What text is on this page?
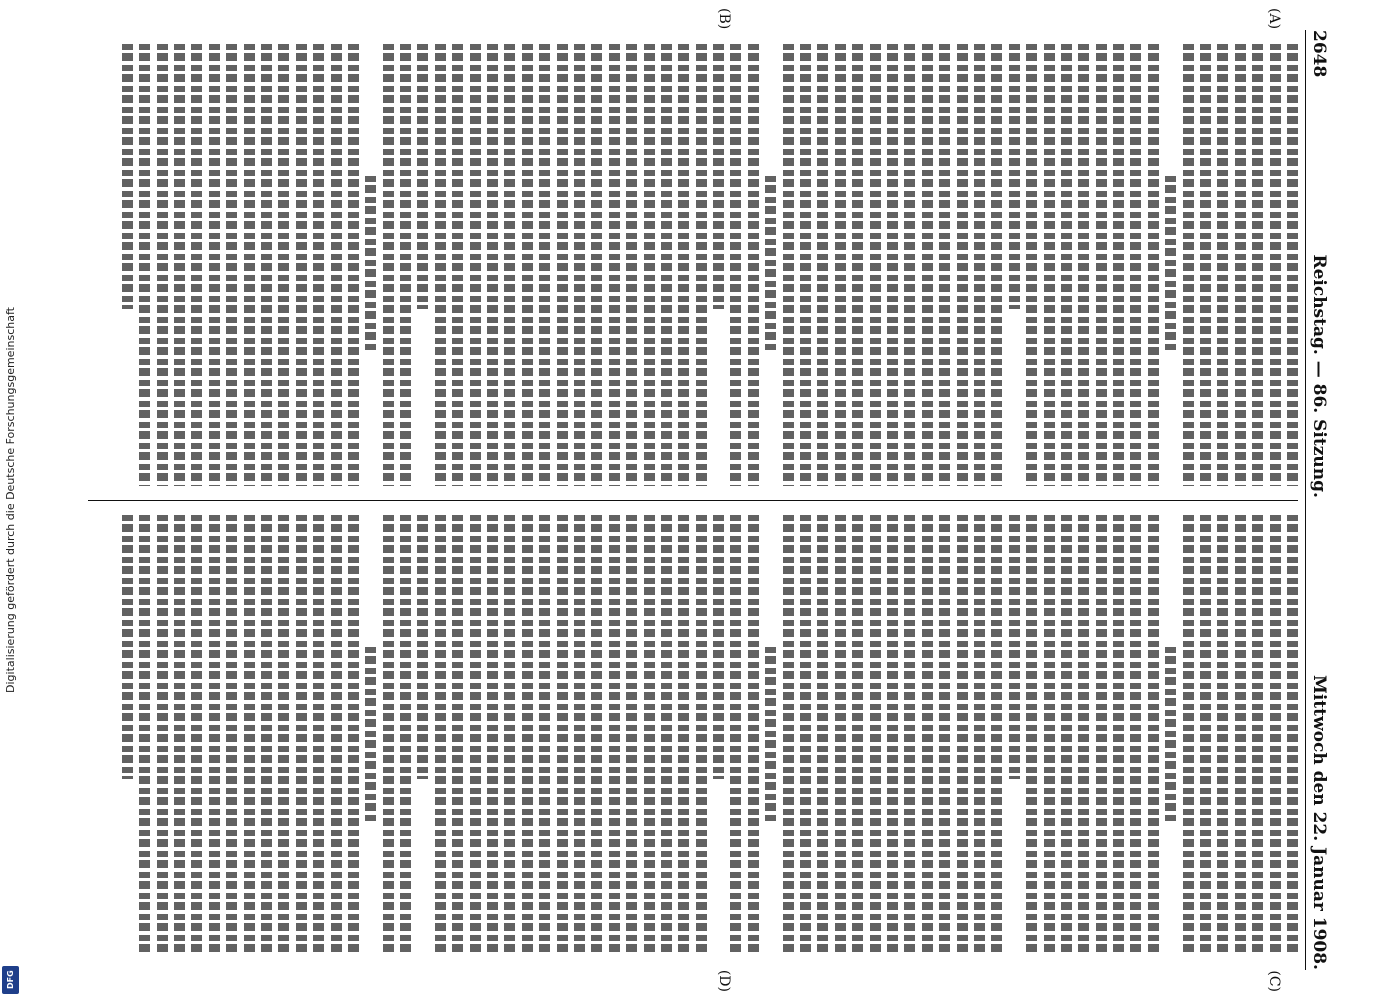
2648
Reichstag. — 86. Sitzung.
Mittwoch den 22. Januar 1908.
(A)
(B)
(C)
(D)
Digitalisierung gefördert durch die Deutsche Forschungsgemeinschaft
DFG
